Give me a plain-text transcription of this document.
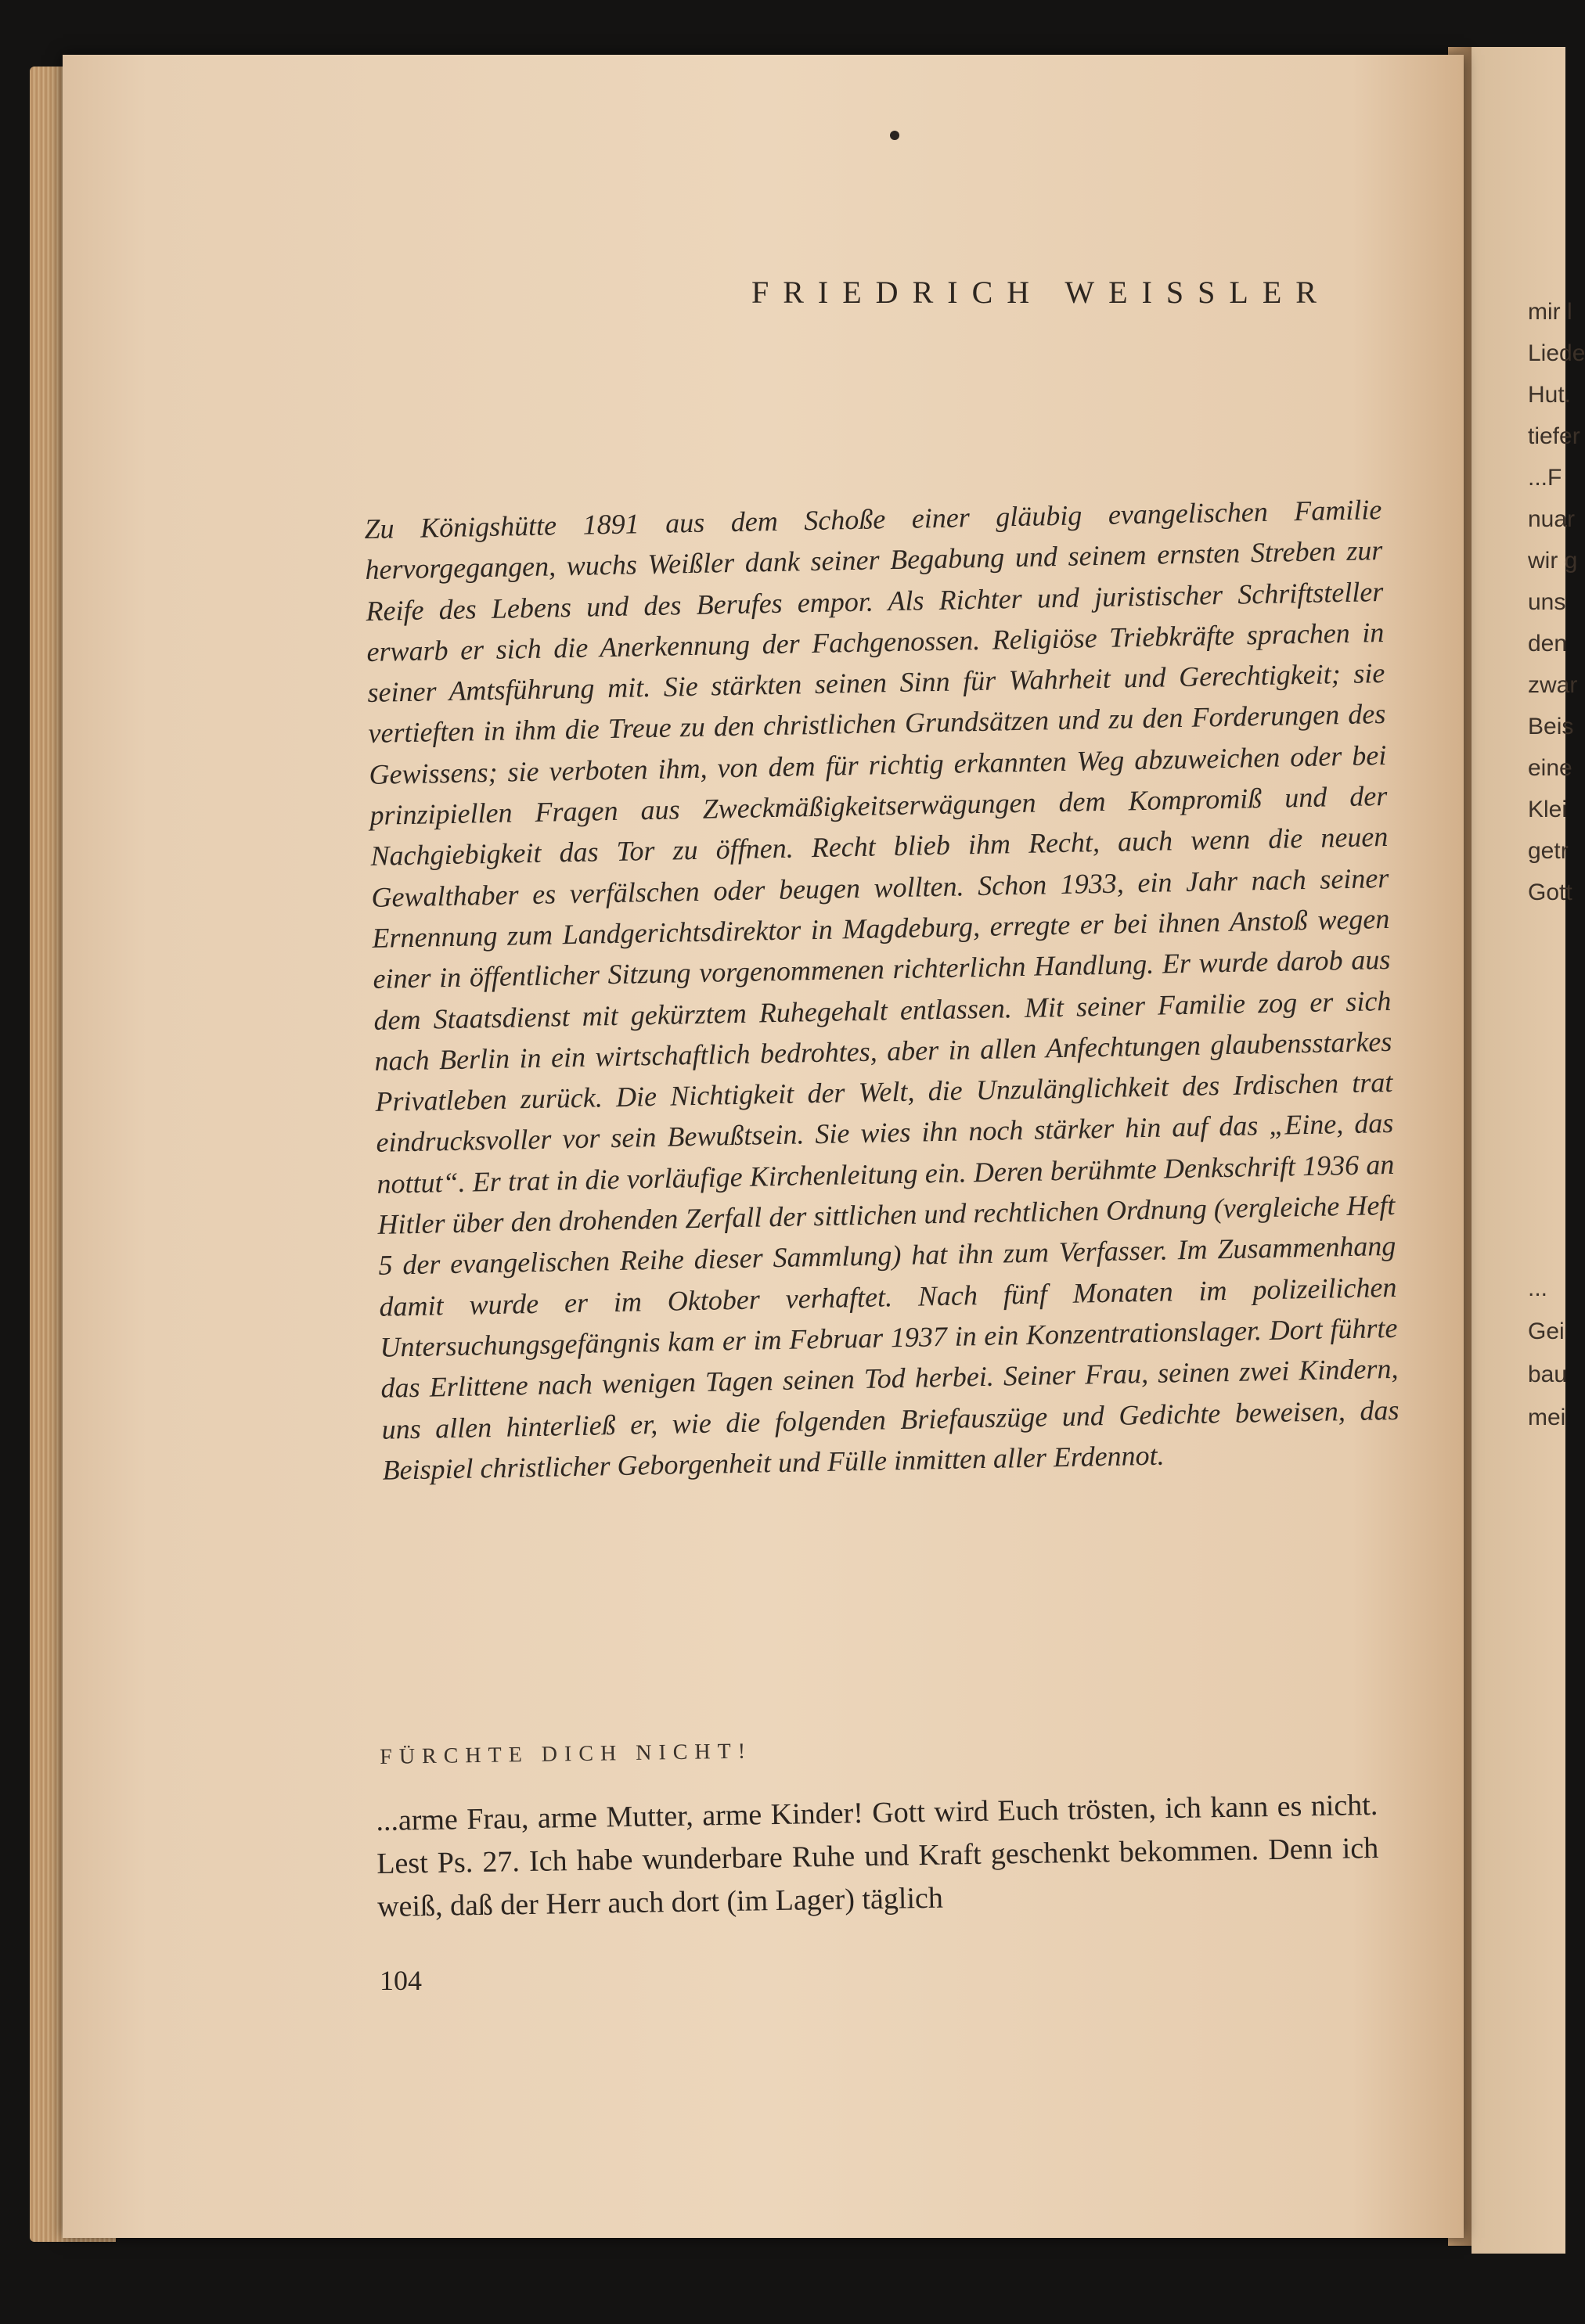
mir l
Liede
Hut.
tiefer
...F
nuar
wir g
uns
den
zwar
Beis
eine
Klei
getr
Gott
...
Gei
bau
mei
FRIEDRICH WEISSLER
Zu Königshütte 1891 aus dem Schoße einer gläubig evangelischen Familie hervorgegangen, wuchs Weißler dank seiner Begabung und seinem ernsten Streben zur Reife des Lebens und des Berufes empor. Als Richter und juristischer Schriftsteller erwarb er sich die Anerkennung der Fachgenossen. Religiöse Triebkräfte sprachen in seiner Amtsführung mit. Sie stärkten seinen Sinn für Wahrheit und Gerechtigkeit; sie vertieften in ihm die Treue zu den christlichen Grundsätzen und zu den Forderungen des Gewissens; sie verboten ihm, von dem für richtig erkannten Weg abzuweichen oder bei prinzipiellen Fragen aus Zweckmäßigkeitserwägungen dem Kompromiß und der Nachgiebigkeit das Tor zu öffnen. Recht blieb ihm Recht, auch wenn die neuen Gewalthaber es verfälschen oder beugen wollten. Schon 1933, ein Jahr nach seiner Ernennung zum Landgerichtsdirektor in Magdeburg, erregte er bei ihnen Anstoß wegen einer in öffentlicher Sitzung vorgenommenen richterlichn Handlung. Er wurde darob aus dem Staatsdienst mit gekürztem Ruhegehalt entlassen. Mit seiner Familie zog er sich nach Berlin in ein wirtschaftlich bedrohtes, aber in allen Anfechtungen glaubensstarkes Privatleben zurück. Die Nichtigkeit der Welt, die Unzulänglichkeit des Irdischen trat eindrucksvoller vor sein Bewußtsein. Sie wies ihn noch stärker hin auf das „Eine, das nottut“. Er trat in die vorläufige Kirchenleitung ein. Deren berühmte Denkschrift 1936 an Hitler über den drohenden Zerfall der sittlichen und rechtlichen Ordnung (vergleiche Heft 5 der evangelischen Reihe dieser Sammlung) hat ihn zum Verfasser. Im Zusammenhang damit wurde er im Oktober verhaftet. Nach fünf Monaten im polizeilichen Untersuchungsgefängnis kam er im Februar 1937 in ein Konzentrationslager. Dort führte das Erlittene nach wenigen Tagen seinen Tod herbei. Seiner Frau, seinen zwei Kindern, uns allen hinterließ er, wie die folgenden Briefauszüge und Gedichte beweisen, das Beispiel christlicher Geborgenheit und Fülle inmitten aller Erdennot.
FÜRCHTE DICH NICHT!
...arme Frau, arme Mutter, arme Kinder! Gott wird Euch trösten, ich kann es nicht. Lest Ps. 27. Ich habe wunderbare Ruhe und Kraft geschenkt bekommen. Denn ich weiß, daß der Herr auch dort (im Lager) täglich
104
